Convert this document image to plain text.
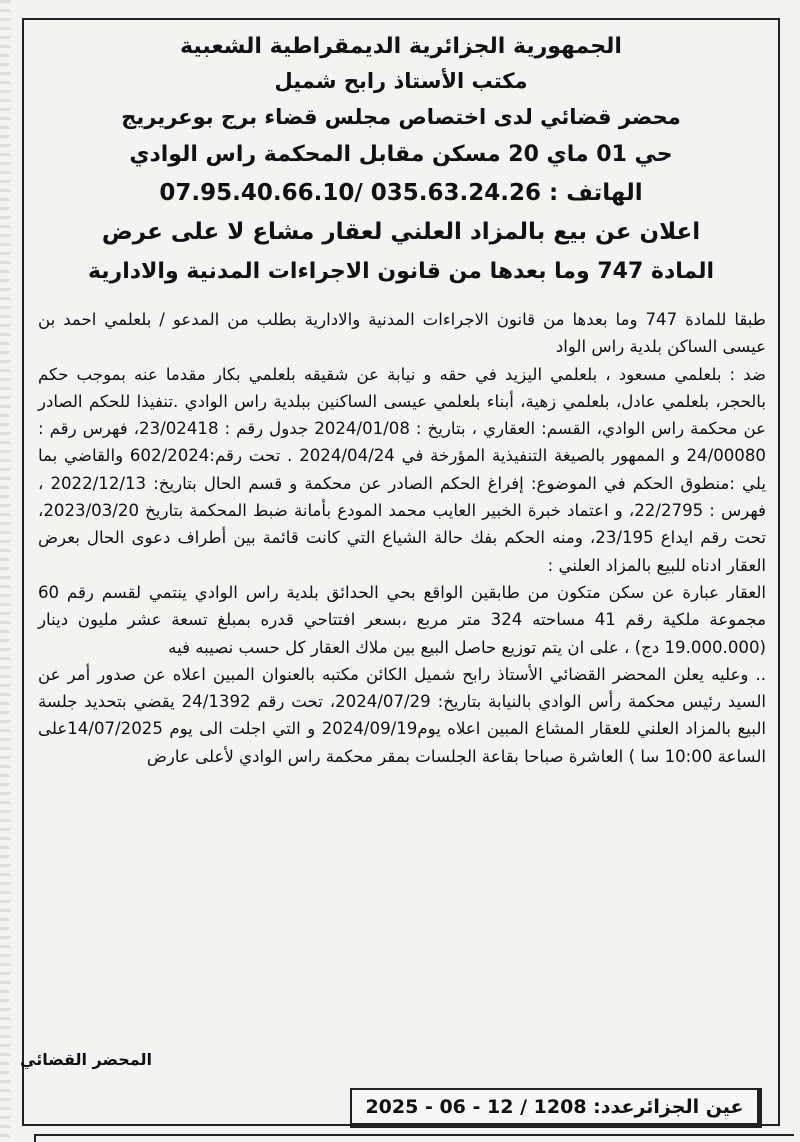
الجمهورية الجزائرية الديمقراطية الشعبية
مكتب الأستاذ رابح شميل
محضر قضائي لدى اختصاص مجلس قضاء برج بوعريريج
حي 01 ماي 20 مسكن مقابل المحكمة راس الوادي
الهاتف : 035.63.24.26 /07.95.40.66.10
اعلان عن بيع بالمزاد العلني لعقار مشاع لا على عرض
المادة 747 وما بعدها من قانون الاجراءات المدنية والادارية

طبقا للمادة 747 وما بعدها من قانون الاجراءات المدنية والادارية بطلب من المدعو / بلعلمي احمد بن عيسى الساكن بلدية راس الواد

ضد : بلعلمي مسعود ، بلعلمي اليزيد في حقه و نيابة عن شقيقه بلعلمي بكار مقدما عنه بموجب حكم بالحجر، بلعلمي عادل، بلعلمي زهية، أبناء بلعلمي عيسى الساكنين ببلدية راس الوادي .تنفيذا للحكم الصادر عن محكمة راس الوادي، القسم: العقاري ، بتاريخ : 2024/01/08 جدول رقم : 23/02418، فهرس رقم : 24/00080 و الممهور بالصيغة التنفيذية المؤرخة في 2024/04/24 . تحت رقم:602/2024 والقاضي بما يلي :منطوق الحكم في الموضوع: إفراغ الحكم الصادر عن محكمة و قسم الحال بتاريخ: 2022/12/13 ، فهرس : 22/2795، و اعتماد خبرة الخبير العايب محمد المودع بأمانة ضبط المحكمة بتاريخ 2023/03/20، تحت رقم ايداع 23/195، ومنه الحكم بفك حالة الشياع التي كانت قائمة بين أطراف دعوى الحال بعرض العقار ادناه للبيع بالمزاد العلني :

العقار عبارة عن سكن متكون من طابقين الواقع بحي الحدائق بلدية راس الوادي ينتمي لقسم رقم 60 مجموعة ملكية رقم 41 مساحته 324 متر مربع ،بسعر افتتاحي قدره بمبلغ تسعة عشر مليون دينار (19.000.000 دج) ، على ان يتم توزيع حاصل البيع بين ملاك العقار كل حسب نصيبه فيه

.. وعليه يعلن المحضر القضائي الأستاذ رابح شميل الكائن مكتبه بالعنوان المبين اعلاه عن صدور أمر عن السيد رئيس محكمة رأس الوادي بالنيابة بتاريخ: 2024/07/29، تحت رقم 24/1392 يقضي بتحديد جلسة البيع بالمزاد العلني للعقار المشاع المبين اعلاه يوم2024/09/19 و التي اجلت الى يوم 14/07/2025على الساعة 10:00 سا ) العاشرة صباحا بقاعة الجلسات بمقر محكمة راس الوادي لأعلى عارض

المحضر القضائي
عين الجزائرعدد: 1208 / 12 - 06 - 2025
